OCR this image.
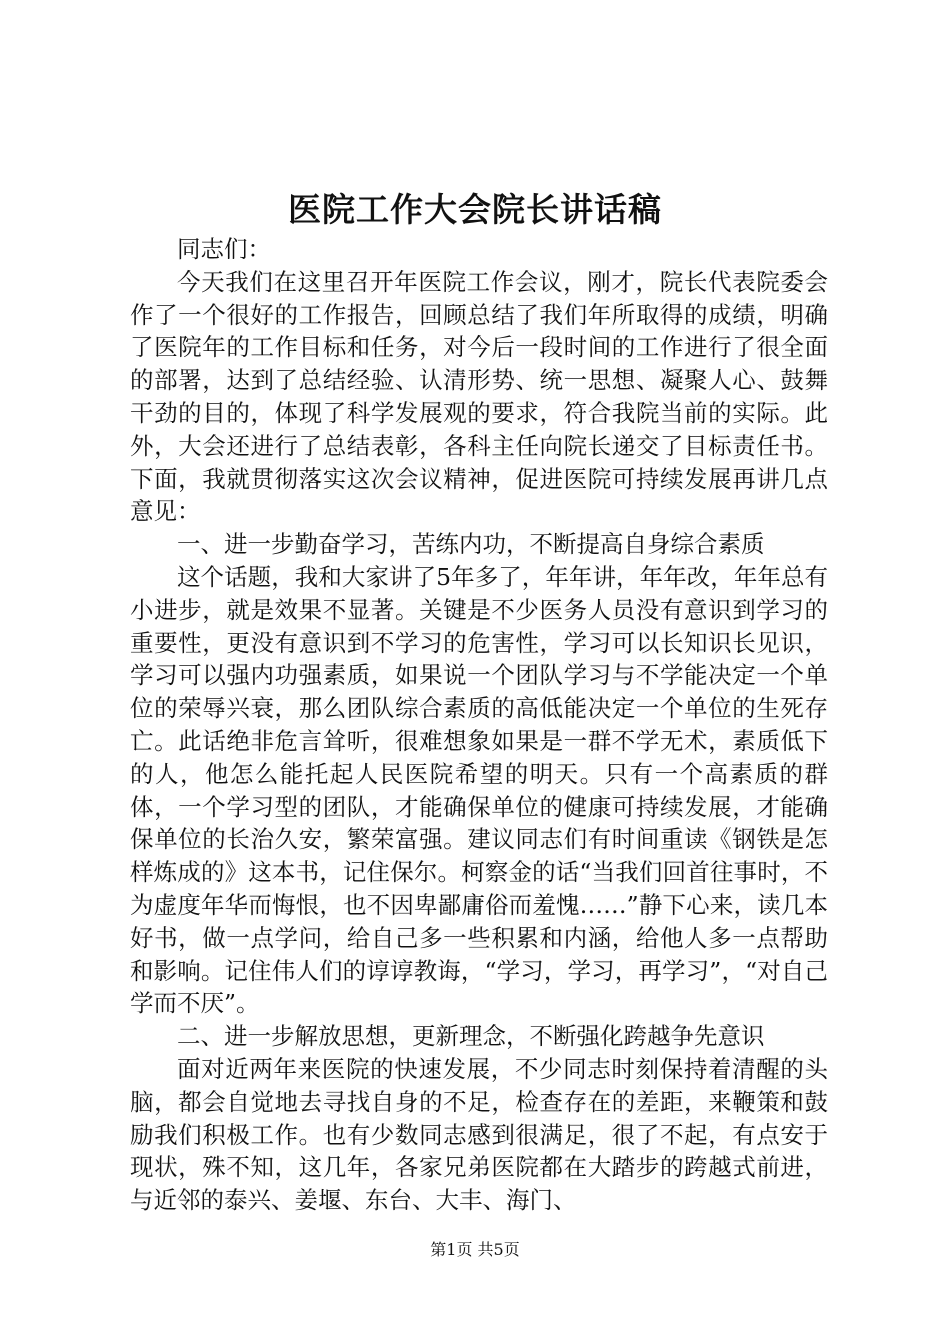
医院工作大会院长讲话稿

同志们：

今天我们在这里召开年医院工作会议，刚才，院长代表院委会作了一个很好的工作报告，回顾总结了我们年所取得的成绩，明确了医院年的工作目标和任务，对今后一段时间的工作进行了很全面的部署，达到了总结经验、认清形势、统一思想、凝聚人心、鼓舞干劲的目的，体现了科学发展观的要求，符合我院当前的实际。此外，大会还进行了总结表彰，各科主任向院长递交了目标责任书。下面，我就贯彻落实这次会议精神，促进医院可持续发展再讲几点意见：

一、进一步勤奋学习，苦练内功，不断提高自身综合素质

这个话题，我和大家讲了5年多了，年年讲，年年改，年年总有小进步，就是效果不显著。关键是不少医务人员没有意识到学习的重要性，更没有意识到不学习的危害性，学习可以长知识长见识，学习可以强内功强素质，如果说一个团队学习与不学能决定一个单位的荣辱兴衰，那么团队综合素质的高低能决定一个单位的生死存亡。此话绝非危言耸听，很难想象如果是一群不学无术，素质低下的人，他怎么能托起人民医院希望的明天。只有一个高素质的群体，一个学习型的团队，才能确保单位的健康可持续发展，才能确保单位的长治久安，繁荣富强。建议同志们有时间重读《钢铁是怎样炼成的》这本书，记住保尔。柯察金的话“当我们回首往事时，不为虚度年华而悔恨，也不因卑鄙庸俗而羞愧……”静下心来，读几本好书，做一点学问，给自己多一些积累和内涵，给他人多一点帮助和影响。记住伟人们的谆谆教诲，“学习，学习，再学习”，“对自己学而不厌”。

二、进一步解放思想，更新理念，不断强化跨越争先意识

面对近两年来医院的快速发展，不少同志时刻保持着清醒的头脑，都会自觉地去寻找自身的不足，检查存在的差距，来鞭策和鼓励我们积极工作。也有少数同志感到很满足，很了不起，有点安于现状，殊不知，这几年，各家兄弟医院都在大踏步的跨越式前进，与近邻的泰兴、姜堰、东台、大丰、海门、

第1页 共5页
